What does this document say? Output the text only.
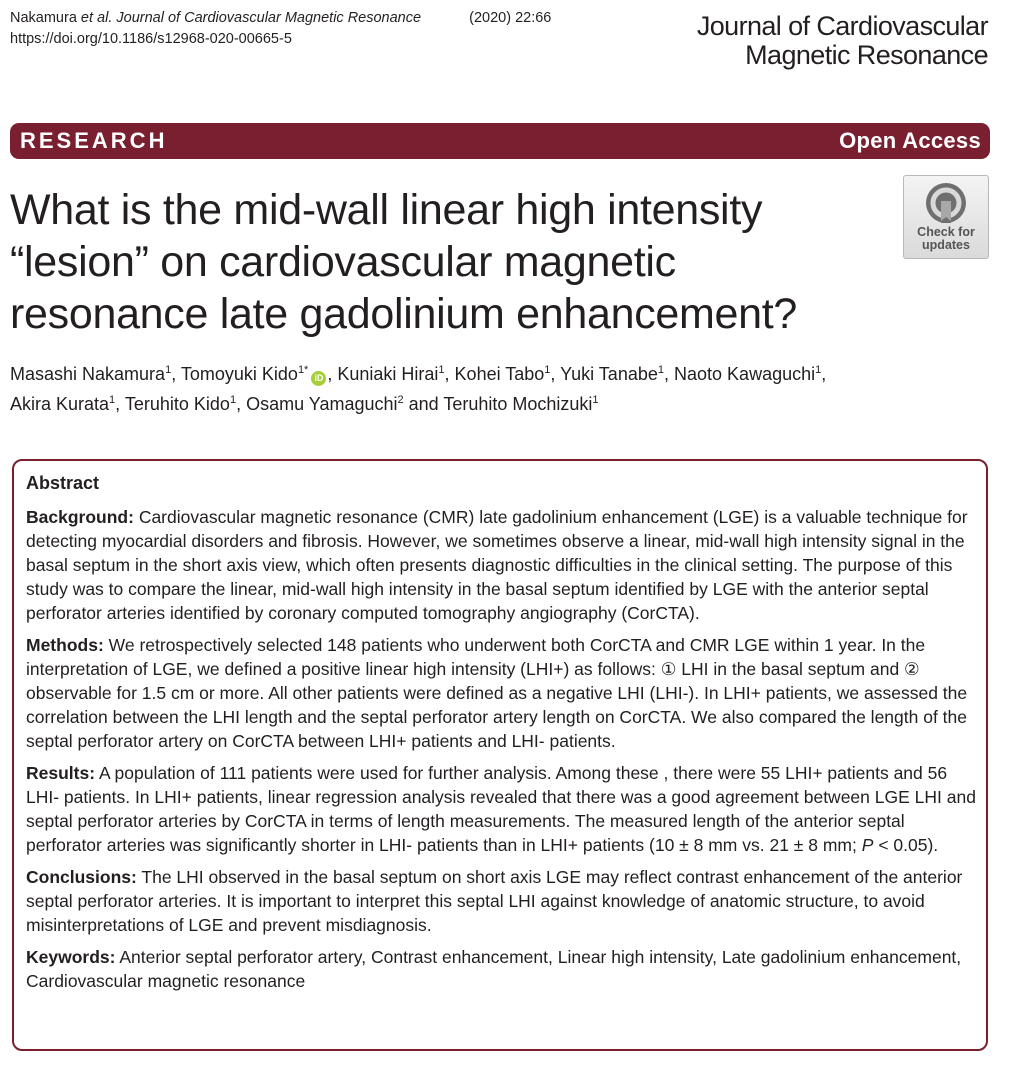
Nakamura et al. Journal of Cardiovascular Magnetic Resonance	(2020) 22:66
https://doi.org/10.1186/s12968-020-00665-5	Journal of Cardiovascular
Magnetic Resonance
RESEARCH	Open Access
What is the mid-wall linear high intensity “lesion” on cardiovascular magnetic resonance late gadolinium enhancement?
Check for
updates
Masashi Nakamura$^1$, Tomoyuki Kido$^{1*}$iD , Kuniaki Hirai$^1$, Kohei Tabo$^1$, Yuki Tanabe$^1$, Naoto Kawaguchi$^1$,
Akira Kurata$^1$, Teruhito Kido$^1$, Osamu Yamaguchi$^2$ and Teruhito Mochizuki$^1$
Abstract
Background: Cardiovascular magnetic resonance (CMR) late gadolinium enhancement (LGE) is a valuable technique for detecting myocardial disorders and fibrosis. However, we sometimes observe a linear, mid-wall high intensity signal in the basal septum in the short axis view, which often presents diagnostic difficulties in the clinical setting. The purpose of this study was to compare the linear, mid-wall high intensity in the basal septum identified by LGE with the anterior septal perforator arteries identified by coronary computed tomography angiography (CorCTA).
Methods: We retrospectively selected 148 patients who underwent both CorCTA and CMR LGE within 1 year. In the interpretation of LGE, we defined a positive linear high intensity (LHI+) as follows: ① LHI in the basal septum and ② observable for 1.5 cm or more. All other patients were defined as a negative LHI (LHI-). In LHI+ patients, we assessed the correlation between the LHI length and the septal perforator artery length on CorCTA. We also compared the length of the septal perforator artery on CorCTA between LHI+ patients and LHI- patients.
Results: A population of 111 patients were used for further analysis. Among these , there were 55 LHI+ patients and 56 LHI- patients. In LHI+ patients, linear regression analysis revealed that there was a good agreement between LGE LHI and septal perforator arteries by CorCTA in terms of length measurements. The measured length of the anterior septal perforator arteries was significantly shorter in LHI- patients than in LHI+ patients (10 ± 8 mm vs. 21 ± 8 mm; P < 0.05).
Conclusions: The LHI observed in the basal septum on short axis LGE may reflect contrast enhancement of the anterior septal perforator arteries. It is important to interpret this septal LHI against knowledge of anatomic structure, to avoid misinterpretations of LGE and prevent misdiagnosis.
Keywords: Anterior septal perforator artery, Contrast enhancement, Linear high intensity, Late gadolinium enhancement, Cardiovascular magnetic resonance
